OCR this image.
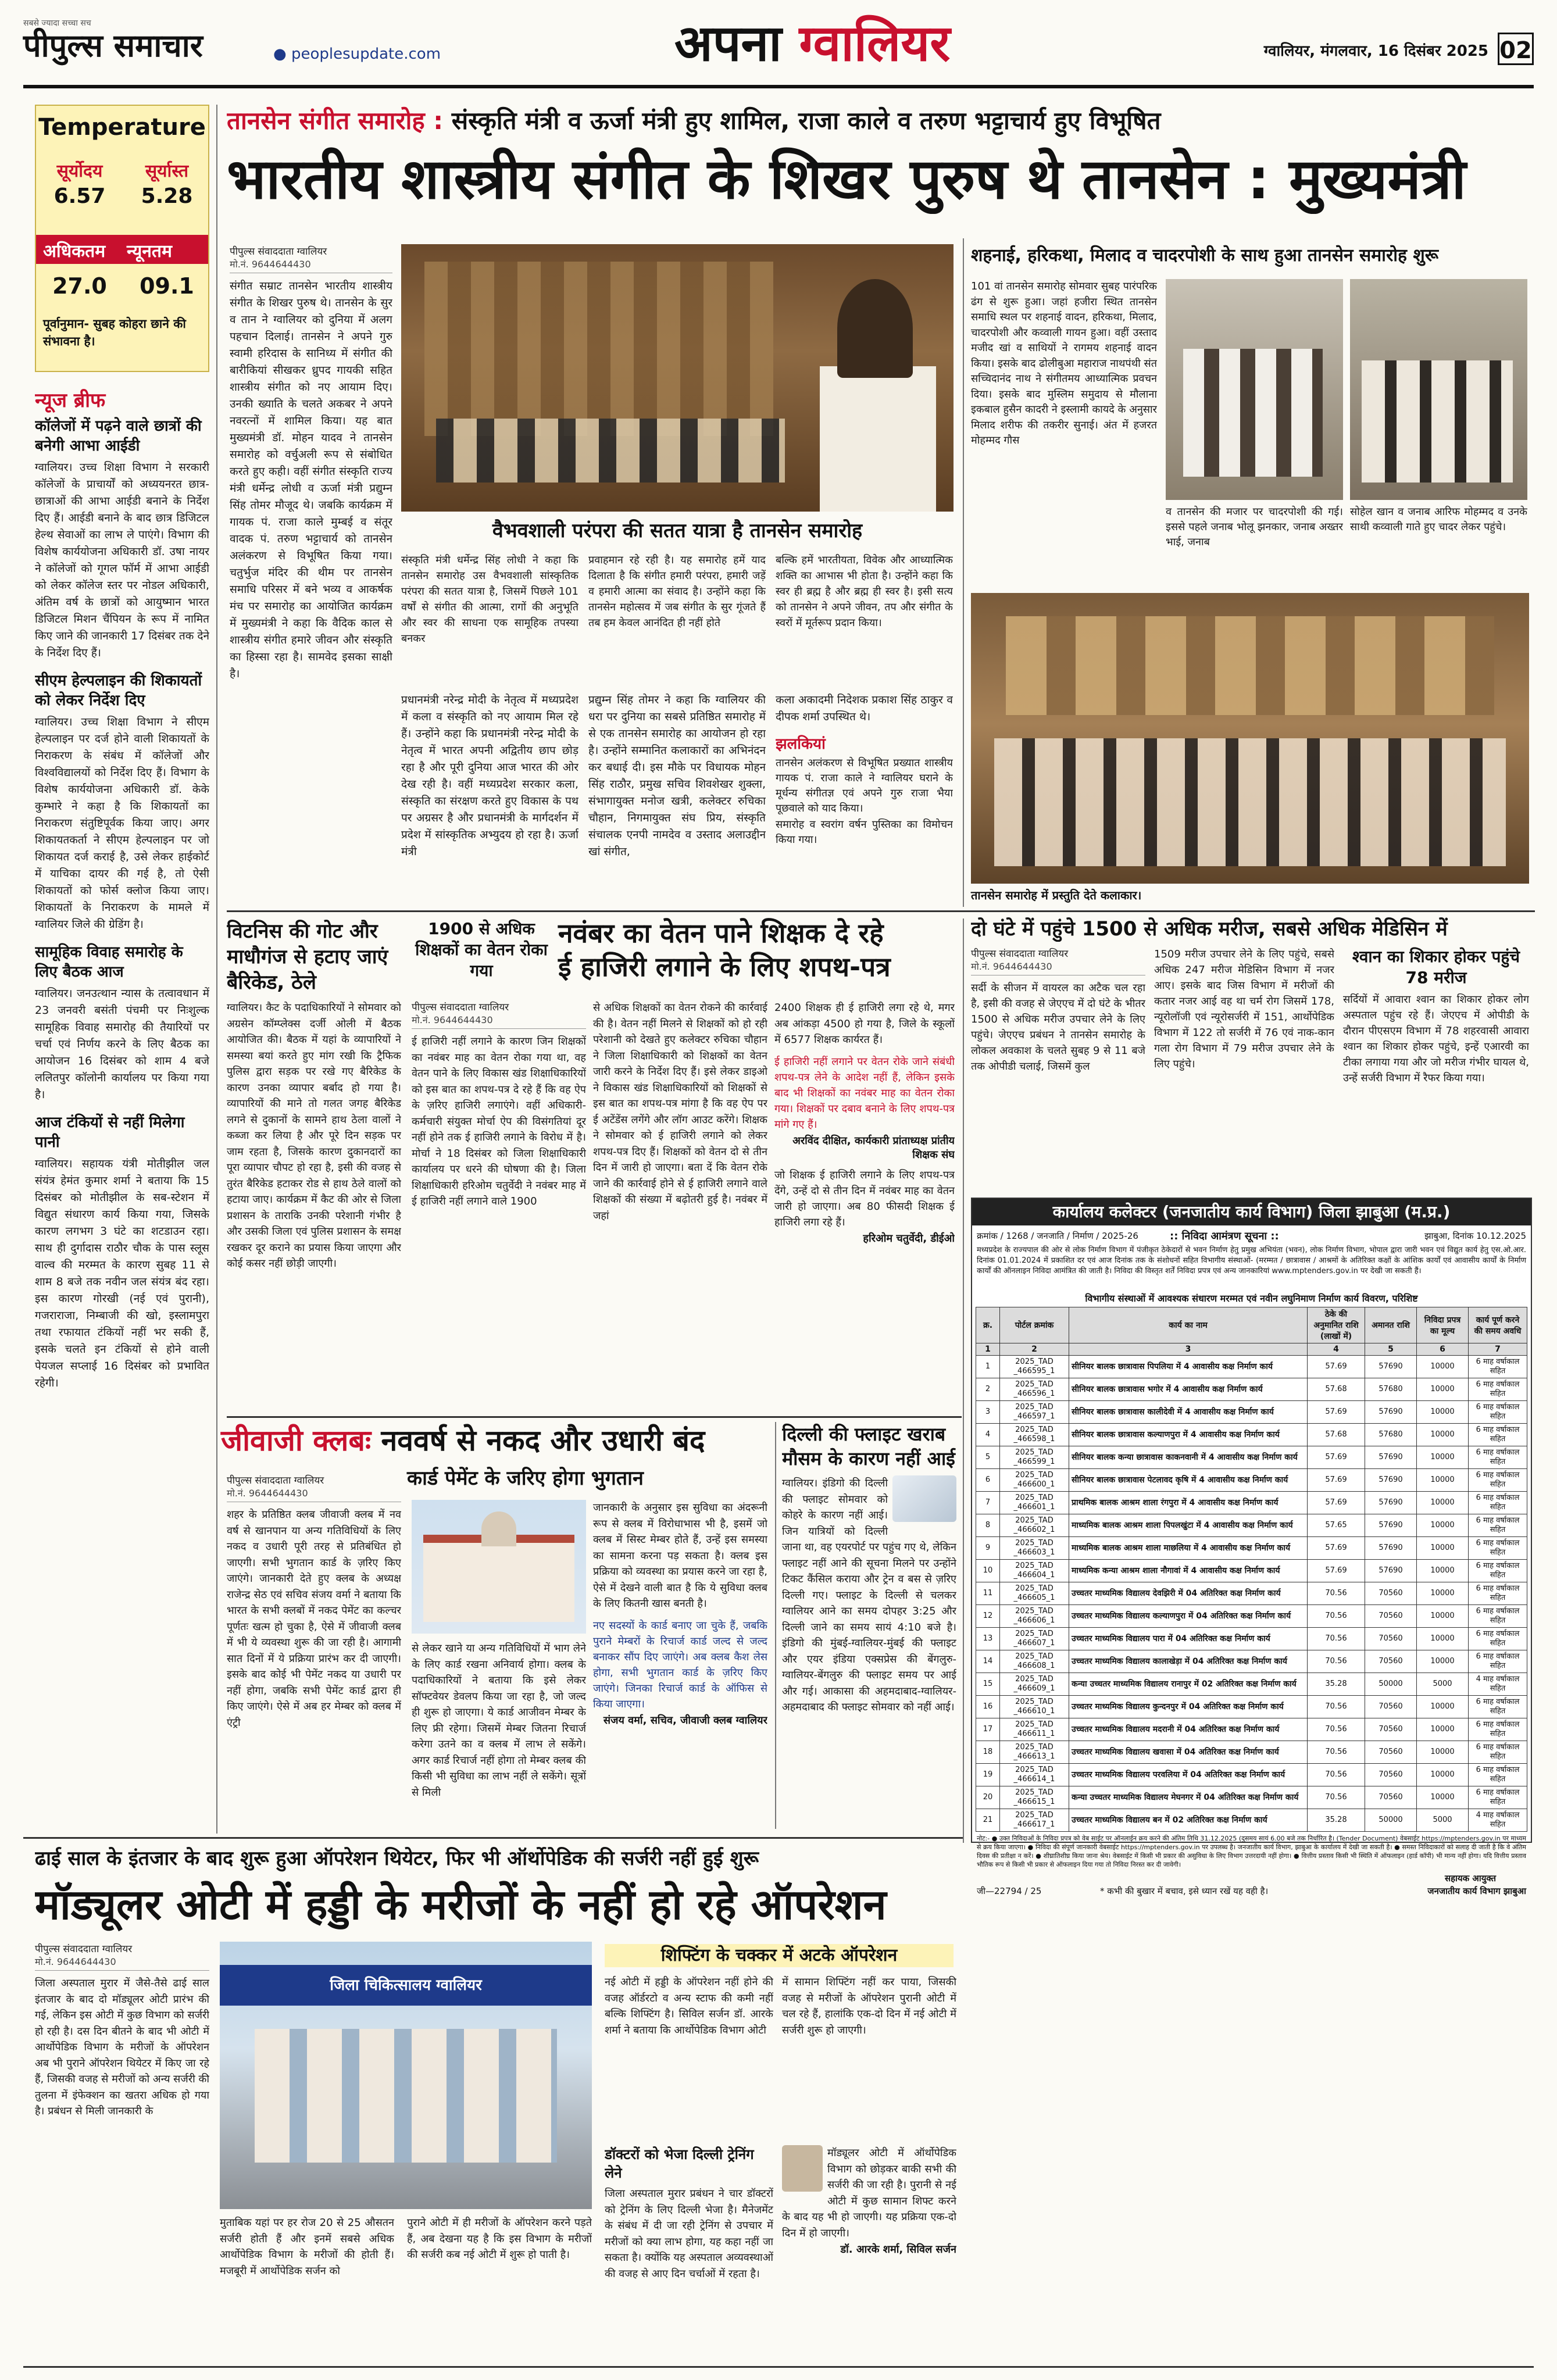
सबसे ज्यादा सच्चा सच
पीपुल्स समाचार	● peoplesupdate.com	अपना ग्वालियर	ग्वालियर, मंगलवार, 16 दिसंबर 2025 02
Temperature
सूर्योदय
6.57
सूर्यास्त
5.28
अधिकतम न्यूनतम
27.0	09.1
पूर्वानुमान- सुबह कोहरा छाने की संभावना है।
न्यूज ब्रीफ
कॉलेजों में पढ़ने वाले छात्रों की बनेगी आभा आईडी

ग्वालियर। उच्च शिक्षा विभाग ने सरकारी कॉलेजों के प्राचार्यों को अध्ययनरत छात्र-छात्राओं की आभा आईडी बनाने के निर्देश दिए हैं। आईडी बनाने के बाद छात्र डिजिटल हेल्थ सेवाओं का लाभ ले पाएंगे। विभाग की विशेष कार्ययोजना अधिकारी डॉ. उषा नायर ने कॉलेजों को गूगल फॉर्म में आभा आईडी को लेकर कॉलेज स्तर पर नोडल अधिकारी, अंतिम वर्ष के छात्रों को आयुष्मान भारत डिजिटल मिशन चैंपियन के रूप में नामित किए जाने की जानकारी 17 दिसंबर तक देने के निर्देश दिए हैं।

सीएम हेल्पलाइन की शिकायतों को लेकर निर्देश दिए

ग्वालियर। उच्च शिक्षा विभाग ने सीएम हेल्पलाइन पर दर्ज होने वाली शिकायतों के निराकरण के संबंध में कॉलेजों और विश्वविद्यालयों को निर्देश दिए हैं। विभाग के विशेष कार्ययोजना अधिकारी डॉ. केके कुम्भारे ने कहा है कि शिकायतों का निराकरण संतुष्टिपूर्वक किया जाए। अगर शिकायतकर्ता ने सीएम हेल्पलाइन पर जो शिकायत दर्ज कराई है, उसे लेकर हाईकोर्ट में याचिका दायर की गई है, तो ऐसी शिकायतों को फोर्स क्लोज किया जाए। शिकायतों के निराकरण के मामले में ग्वालियर जिले की ग्रेडिंग है।

सामूहिक विवाह समारोह के लिए बैठक आज

ग्वालियर। जनउत्थान न्यास के तत्वावधान में 23 जनवरी बसंती पंचमी पर निःशुल्क सामूहिक विवाह समारोह की तैयारियों पर चर्चा एवं निर्णय करने के लिए बैठक का आयोजन 16 दिसंबर को शाम 4 बजे ललितपुर कॉलोनी कार्यालय पर किया गया है।

आज टंकियों से नहीं मिलेगा पानी

ग्वालियर। सहायक यंत्री मोतीझील जल संयंत्र हेमंत कुमार शर्मा ने बताया कि 15 दिसंबर को मोतीझील के सब-स्टेशन में विद्युत संधारण कार्य किया गया, जिसके कारण लगभग 3 घंटे का शटडाउन रहा। साथ ही दुर्गादास राठौर चौक के पास स्लूस वाल्व की मरम्मत के कारण सुबह 11 से शाम 8 बजे तक नवीन जल संयंत्र बंद रहा। इस कारण गोरखी (नई एवं पुरानी), गजराराजा, निम्बाजी की खो, इस्लामपुरा तथा रफायात टंकियों नहीं भर सकी हैं, इसके चलते इन टंकियों से होने वाली पेयजल सप्लाई 16 दिसंबर को प्रभावित रहेगी।

तानसेन संगीत समारोह : संस्कृति मंत्री व ऊर्जा मंत्री हुए शामिल, राजा काले व तरुण भट्टाचार्य हुए विभूषित
भारतीय शास्त्रीय संगीत के शिखर पुरुष थे तानसेन : मुख्यमंत्री
पीपुल्स संवाददाता ग्वालियर
मो.नं. 9644644430

संगीत सम्राट तानसेन भारतीय शास्त्रीय संगीत के शिखर पुरुष थे। तानसेन के सुर व तान ने ग्वालियर को दुनिया में अलग पहचान दिलाई। तानसेन ने अपने गुरु स्वामी हरिदास के सानिध्य में संगीत की बारीकियां सीखकर ध्रुपद गायकी सहित शास्त्रीय संगीत को नए आयाम दिए। उनकी ख्याति के चलते अकबर ने अपने नवरत्नों में शामिल किया। यह बात मुख्यमंत्री डॉ. मोहन यादव ने तानसेन समारोह को वर्चुअली रूप से संबोधित करते हुए कही। वहीं संगीत संस्कृति राज्य मंत्री धर्मेन्द्र लोधी व ऊर्जा मंत्री प्रद्युम्न सिंह तोमर मौजूद थे। जबकि कार्यक्रम में गायक पं. राजा काले मुम्बई व संतूर वादक पं. तरुण भट्टाचार्य को तानसेन अलंकरण से विभूषित किया गया। चतुर्भुज मंदिर की थीम पर तानसेन समाधि परिसर में बने भव्य व आकर्षक मंच पर समारोह का आयोजित कार्यक्रम में मुख्यमंत्री ने कहा कि वैदिक काल से शास्त्रीय संगीत हमारे जीवन और संस्कृति का हिस्सा रहा है। सामवेद इसका साक्षी है।

वैभवशाली परंपरा की सतत यात्रा है तानसेन समारोह

संस्कृति मंत्री धर्मेन्द्र सिंह लोधी ने कहा कि तानसेन समारोह उस वैभवशाली सांस्कृतिक परंपरा की सतत यात्रा है, जिसमें पिछले 101 वर्षों से संगीत की आत्मा, रागों की अनुभूति और स्वर की साधना एक सामूहिक तपस्या बनकर

प्रवाहमान रहे रही है। यह समारोह हमें याद दिलाता है कि संगीत हमारी परंपरा, हमारी जड़ें व हमारी आत्मा का संवाद है। उन्होंने कहा कि तानसेन महोत्सव में जब संगीत के सुर गूंजते हैं तब हम केवल आनंदित ही नहीं होते

बल्कि हमें भारतीयता, विवेक और आध्यात्मिक शक्ति का आभास भी होता है। उन्होंने कहा कि स्वर ही ब्रह्म है और ब्रह्म ही स्वर है। इसी सत्य को तानसेन ने अपने जीवन, तप और संगीत के स्वरों में मूर्तरूप प्रदान किया।

प्रधानमंत्री नरेन्द्र मोदी के नेतृत्व में मध्यप्रदेश में कला व संस्कृति को नए आयाम मिल रहे हैं। उन्होंने कहा कि प्रधानमंत्री नरेन्द्र मोदी के नेतृत्व में भारत अपनी अद्वितीय छाप छोड़ रहा है और पूरी दुनिया आज भारत की ओर देख रही है। वहीं मध्यप्रदेश सरकार कला, संस्कृति का संरक्षण करते हुए विकास के पथ पर अग्रसर है और प्रधानमंत्री के मार्गदर्शन में प्रदेश में सांस्कृतिक अभ्युदय हो रहा है। ऊर्जा मंत्री

प्रद्युम्न सिंह तोमर ने कहा कि ग्वालियर की धरा पर दुनिया का सबसे प्रतिष्ठित समारोह में से एक तानसेन समारोह का आयोजन हो रहा है। उन्होंने सम्मानित कलाकारों का अभिनंदन कर बधाई दी। इस मौके पर विधायक मोहन सिंह राठौर, प्रमुख सचिव शिवशेखर शुक्ला, संभागायुक्त मनोज खत्री, कलेक्टर रुचिका चौहान, निगमायुक्त संघ प्रिय, संस्कृति संचालक एनपी नामदेव व उस्ताद अलाउद्दीन खां संगीत,

कला अकादमी निदेशक प्रकाश सिंह ठाकुर व दीपक शर्मा उपस्थित थे।

झलकियां

तानसेन अलंकरण से विभूषित प्रख्यात शास्त्रीय गायक पं. राजा काले ने ग्वालियर घराने के मूर्धन्य संगीतज्ञ एवं अपने गुरु राजा भैया पूछवाले को याद किया।

समारोह व स्वरांग वर्षन पुस्तिका का विमोचन किया गया।

शहनाई, हरिकथा, मिलाद व चादरपोशी के साथ हुआ तानसेन समारोह शुरू

101 वां तानसेन समारोह सोमवार सुबह पारंपरिक ढंग से शुरू हुआ। जहां हजीरा स्थित तानसेन समाधि स्थल पर शहनाई वादन, हरिकथा, मिलाद, चादरपोशी और कव्वाली गायन हुआ। वहीं उस्ताद मजीद खां व साथियों ने रागमय शहनाई वादन किया। इसके बाद ढोलीबुआ महाराज नाथपंथी संत सच्चिदानंद नाथ ने संगीतमय आध्यात्मिक प्रवचन दिया। इसके बाद मुस्लिम समुदाय से मौलाना इकबाल हुसैन कादरी ने इस्लामी कायदे के अनुसार मिलाद शरीफ की तकरीर सुनाई। अंत में हजरत मोहम्मद गौस

व तानसेन की मजार पर चादरपोशी की गई। इससे पहले जनाब भोलू झनकार, जनाब अख्तर भाई, जनाब

सोहेल खान व जनाब आरिफ मोहम्मद व उनके साथी कव्वाली गाते हुए चादर लेकर पहुंचे।

तानसेन समारोह में प्रस्तुति देते कलाकार।
विटनिस की गोट और माधौगंज से हटाए जाएं बैरिकेड, ठेले

ग्वालियर। कैट के पदाधिकारियों ने सोमवार को अग्रसेन कॉम्प्लेक्स दर्जी ओली में बैठक आयोजित की। बैठक में यहां के व्यापारियों ने समस्या बयां करते हुए मांग रखी कि ट्रैफिक पुलिस द्वारा सड़क पर रखे गए बैरिकेड के कारण उनका व्यापार बर्बाद हो गया है। व्यापारियों की माने तो गलत जगह बैरिकेड लगने से दुकानों के सामने हाथ ठेला वालों ने कब्जा कर लिया है और पूरे दिन सड़क पर जाम रहता है, जिसके कारण दुकानदारों का पूरा व्यापार चौपट हो रहा है, इसी की वजह से तुरंत बैरिकेड हटाकर रोड से हाथ ठेले वालों को हटाया जाए। कार्यक्रम में कैट की ओर से जिला प्रशासन के ताराकि उनकी परेशानी गंभीर है और उसकी जिला एवं पुलिस प्रशासन के समक्ष रखकर दूर कराने का प्रयास किया जाएगा और कोई कसर नहीं छोड़ी जाएगी।

1900 से अधिक शिक्षकों का वेतन रोका गया
नवंबर का वेतन पाने शिक्षक दे रहे
ई हाजिरी लगाने के लिए शपथ-पत्र
पीपुल्स संवाददाता ग्वालियर
मो.नं. 9644644430

ई हाजिरी नहीं लगाने के कारण जिन शिक्षकों का नवंबर माह का वेतन रोका गया था, वह वेतन पाने के लिए विकास खंड शिक्षाधिकारियों को इस बात का शपथ-पत्र दे रहे हैं कि वह ऐप के ज़रिए हाजिरी लगाएंगे। वहीं अधिकारी-कर्मचारी संयुक्त मोर्चा ऐप की विसंगतियां दूर नहीं होने तक ई हाजिरी लगाने के विरोध में है। मोर्चा ने 18 दिसंबर को जिला शिक्षाधिकारी कार्यालय पर धरने की घोषणा की है। जिला शिक्षाधिकारी हरिओम चतुर्वेदी ने नवंबर माह में ई हाजिरी नहीं लगाने वाले 1900

से अधिक शिक्षकों का वेतन रोकने की कार्रवाई की है। वेतन नहीं मिलने से शिक्षकों को हो रही परेशानी को देखते हुए कलेक्टर रुचिका चौहान ने जिला शिक्षाधिकारी को शिक्षकों का वेतन जारी करने के निर्देश दिए हैं। इसे लेकर डाइओ ने विकास खंड शिक्षाधिकारियों को शिक्षकों से इस बात का शपथ-पत्र मांगा है कि वह ऐप पर ई अटेंडेंस लगेंगे और लॉग आउट करेंगे। शिक्षक ने सोमवार को ई हाजिरी लगाने को लेकर शपथ-पत्र दिए हैं। शिक्षकों को वेतन दो से तीन दिन में जारी हो जाएगा। बता दें कि वेतन रोके जाने की कार्रवाई होने से ई हाजिरी लगाने वाले शिक्षकों की संख्या में बढ़ोतरी हुई है। नवंबर में जहां

2400 शिक्षक ही ई हाजिरी लगा रहे थे, मगर अब आंकड़ा 4500 हो गया है, जिले के स्कूलों में 6577 शिक्षक कार्यरत हैं।

ई हाजिरी नहीं लगाने पर वेतन रोके जाने संबंधी शपथ-पत्र लेने के आदेश नहीं हैं, लेकिन इसके बाद भी शिक्षकों का नवंबर माह का वेतन रोका गया। शिक्षकों पर दबाव बनाने के लिए शपथ-पत्र मांगे गए हैं।

अरविंद दीक्षित, कार्यकारी प्रांताध्यक्ष प्रांतीय शिक्षक संघ

जो शिक्षक ई हाजिरी लगाने के लिए शपथ-पत्र देंगे, उन्हें दो से तीन दिन में नवंबर माह का वेतन जारी हो जाएगा। अब 80 फीसदी शिक्षक ई हाजिरी लगा रहे हैं।

हरिओम चतुर्वेदी, डीईओ
दो घंटे में पहुंचे 1500 से अधिक मरीज, सबसे अधिक मेडिसिन में
पीपुल्स संवाददाता ग्वालियर
मो.नं. 9644644430

सर्दी के सीजन में वायरल का अटैक चल रहा है, इसी की वजह से जेएएच में दो घंटे के भीतर 1500 से अधिक मरीज उपचार लेने के लिए पहुंचे। जेएएच प्रबंधन ने तानसेन समारोह के लोकल अवकाश के चलते सुबह 9 से 11 बजे तक ओपीडी चलाई, जिसमें कुल

1509 मरीज उपचार लेने के लिए पहुंचे, सबसे अधिक 247 मरीज मेडिसिन विभाग में नजर आए। इसके बाद जिस विभाग में मरीजों की कतार नजर आई वह था चर्म रोग जिसमें 178, न्यूरोलॉजी एवं न्यूरोसर्जरी में 151, आर्थोपेडिक विभाग में 122 तो सर्जरी में 76 एवं नाक-कान गला रोग विभाग में 79 मरीज उपचार लेने के लिए पहुंचे।

श्वान का शिकार होकर पहुंचे 78 मरीज

सर्दियों में आवारा श्वान का शिकार होकर लोग अस्पताल पहुंच रहे हैं। जेएएच में ओपीडी के दौरान पीएसएम विभाग में 78 शहरवासी आवारा श्वान का शिकार होकर पहुंचे, इन्हें एआरवी का टीका लगाया गया और जो मरीज गंभीर घायल थे, उन्हें सर्जरी विभाग में रैफर किया गया।

कार्यालय कलेक्टर (जनजातीय कार्य विभाग) जिला झाबुआ (म.प्र.)
क्रमांक / 1268 / जनजाति / निर्माण / 2025-26	:: निविदा आमंत्रण सूचना ::	झाबुआ, दिनांक 10.12.2025
मध्यप्रदेश के राज्यपाल की ओर से लोक निर्माण विभाग में पंजीकृत ठेकेदारों से भवन निर्माण हेतु प्रमुख अभियंता (भवन), लोक निर्माण विभाग, भोपाल द्वारा जारी भवन एवं विद्युत कार्य हेतु एस.ओ.आर. दिनांक 01.01.2024 में प्रकाशित दर एवं आज दिनांक तक के संशोधनों सहित विभागीय संस्थाओं- (मरम्मत / छात्रावास / आश्रमों के अतिरिक्त कक्षों के आंशिक कार्यों एवं आवासीय कार्यों के निर्माण कार्यों की ऑनलाइन निविदा आमंत्रित की जाती है। निविदा की विस्तृत शर्तें निविदा प्रपत्र एवं अन्य जानकारियां www.mptenders.gov.in पर देखी जा सकती हैं।
विभागीय संस्थाओं में आवश्यक संधारण मरम्मत एवं नवीन लघुनिमाण निर्माण कार्य विवरण, परिशिष्ट
क्र.	पोर्टल क्रमांक	कार्य का नाम	ठेके की अनुमानित राशि (लाखों में)	अमानत राशि	निविदा प्रपत्र का मूल्य	कार्य पूर्ण करने की समय अवधि
1	2	3	4	5	6	7
1	2025_TAD _466595_1	सीनियर बालक छात्रावास पिपलिया में 4 आवासीय कक्ष निर्माण कार्य	57.69	57690	10000	6 माह वर्षाकाल सहित
2	2025_TAD _466596_1	सीनियर बालक छात्रावास भगोर में 4 आवासीय कक्ष निर्माण कार्य	57.68	57680	10000	6 माह वर्षाकाल सहित
3	2025_TAD _466597_1	सीनियर बालक छात्रावास कालीदेवी में 4 आवासीय कक्ष निर्माण कार्य	57.69	57690	10000	6 माह वर्षाकाल सहित
4	2025_TAD _466598_1	सीनियर बालक छात्रावास कल्याणपुरा में 4 आवासीय कक्ष निर्माण कार्य	57.68	57680	10000	6 माह वर्षाकाल सहित
5	2025_TAD _466599_1	सीनियर बालक कन्या छात्रावास काकनवानी में 4 आवासीय कक्ष निर्माण कार्य	57.69	57690	10000	6 माह वर्षाकाल सहित
6	2025_TAD _466600_1	सीनियर बालक छात्रावास पेटलावद कृषि में 4 आवासीय कक्ष निर्माण कार्य	57.69	57690	10000	6 माह वर्षाकाल सहित
7	2025_TAD _466601_1	प्राथमिक बालक आश्रम शाला रंगपुरा में 4 आवासीय कक्ष निर्माण कार्य	57.69	57690	10000	6 माह वर्षाकाल सहित
8	2025_TAD _466602_1	माध्यमिक बालक आश्रम शाला पिपलखुंटा में 4 आवासीय कक्ष निर्माण कार्य	57.65	57690	10000	6 माह वर्षाकाल सहित
9	2025_TAD _466603_1	माध्यमिक बालक आश्रम शाला माछलिया में 4 आवासीय कक्ष निर्माण कार्य	57.69	57690	10000	6 माह वर्षाकाल सहित
10	2025_TAD _466604_1	माध्यमिक कन्या आश्रम शाला नौगावां में 4 आवासीय कक्ष निर्माण कार्य	57.69	57690	10000	6 माह वर्षाकाल सहित
11	2025_TAD _466605_1	उच्चतर माध्यमिक विद्यालय देवझिरी में 04 अतिरिक्त कक्ष निर्माण कार्य	70.56	70560	10000	6 माह वर्षाकाल सहित
12	2025_TAD _466606_1	उच्चतर माध्यमिक विद्यालय कल्याणपुरा में 04 अतिरिक्त कक्ष निर्माण कार्य	70.56	70560	10000	6 माह वर्षाकाल सहित
13	2025_TAD _466607_1	उच्चतर माध्यमिक विद्यालय पारा में 04 अतिरिक्त कक्ष निर्माण कार्य	70.56	70560	10000	6 माह वर्षाकाल सहित
14	2025_TAD _466608_1	उच्चतर माध्यमिक विद्यालय कालाखेड़ा में 04 अतिरिक्त कक्ष निर्माण कार्य	70.56	70560	10000	6 माह वर्षाकाल सहित
15	2025_TAD _466609_1	कन्या उच्चतर माध्यमिक विद्यालय रानापुर में 02 अतिरिक्त कक्ष निर्माण कार्य	35.28	50000	5000	4 माह वर्षाकाल सहित
16	2025_TAD _466610_1	उच्चतर माध्यमिक विद्यालय कुन्दनपुर में 04 अतिरिक्त कक्ष निर्माण कार्य	70.56	70560	10000	6 माह वर्षाकाल सहित
17	2025_TAD _466611_1	उच्चतर माध्यमिक विद्यालय मदरानी में 04 अतिरिक्त कक्ष निर्माण कार्य	70.56	70560	10000	6 माह वर्षाकाल सहित
18	2025_TAD _466613_1	उच्चतर माध्यमिक विद्यालय खवासा में 04 अतिरिक्त कक्ष निर्माण कार्य	70.56	70560	10000	6 माह वर्षाकाल सहित
19	2025_TAD _466614_1	उच्चतर माध्यमिक विद्यालय परवलिया में 04 अतिरिक्त कक्ष निर्माण कार्य	70.56	70560	10000	6 माह वर्षाकाल सहित
20	2025_TAD _466615_1	कन्या उच्चतर माध्यमिक विद्यालय मेघनगर में 04 अतिरिक्त कक्ष निर्माण कार्य	70.56	70560	10000	6 माह वर्षाकाल सहित
21	2025_TAD _466617_1	उच्चतर माध्यमिक विद्यालय बन में 02 अतिरिक्त कक्ष निर्माण कार्य	35.28	50000	5000	4 माह वर्षाकाल सहित
नोट:- ● उक्त निविदाओं के निविदा प्रपत्र को वेब साईट पर ऑनलाईन क्रय करने की अंतिम तिथि 31.12.2025 (दुसमय सायं 6.00 बजे तक निर्धारित है। (Tender Document) वेबसाईट https://mptenders.gov.in पर माध्यम से क्रय किया जाएगा। ● निविदा की संपूर्ण जानकारी वेबसाईट https://mptenders.gov.in पर उपलब्ध है। जनजातीय कार्य विभाग, झाबुआ के कार्यालय में देखी जा सकती है। ● समस्त निविदाकारों को सलाह दी जाती है कि वे अंतिम दिवस की प्रतीक्षा न करें। ● शीघ्रातिशीघ्र किया जाना श्रेय। वेबसाईट में किसी भी प्रकार की असुविधा के लिए विभाग उत्तरदायी नहीं होगा। ● वित्तीय प्रस्ताव किसी भी स्थिति में ऑफलाइन (हार्ड कॉपी) भी मान्य नहीं होगा। यदि वित्तीय प्रस्ताव भौतिक रूप से किसी भी प्रकार से ऑफलाइन दिया गया तो निविदा निरस्त कर दी जावेगी।
जी—22794 / 25	* कभी की बुखार में बचाव, इसे ध्यान रखें यह वही है।
सहायक आयुक्त
जनजातीय कार्य विभाग झाबुआ
जीवाजी क्लबः नववर्ष से नकद और उधारी बंद
कार्ड पेमेंट के जरिए होगा भुगतान
पीपुल्स संवाददाता ग्वालियर
मो.नं. 9644644430

शहर के प्रतिष्ठित क्लब जीवाजी क्लब में नव वर्ष से खानपान या अन्य गतिविधियों के लिए नकद व उधारी पूरी तरह से प्रतिबंधित हो जाएगी। सभी भुगतान कार्ड के ज़रिए किए जाएंगे। जानकारी देते हुए क्लब के अध्यक्ष राजेन्द्र सेठ एवं सचिव संजय वर्मा ने बताया कि भारत के सभी क्लबों में नकद पेमेंट का कल्चर पूर्णतः खत्म हो चुका है, ऐसे में जीवाजी क्लब में भी ये व्यवस्था शुरू की जा रही है। आगामी सात दिनों में ये प्रक्रिया प्रारंभ कर दी जाएगी। इसके बाद कोई भी पेमेंट नकद या उधारी पर नहीं होगा, जबकि सभी पेमेंट कार्ड द्वारा ही किए जाएंगे। ऐसे में अब हर मेम्बर को क्लब में एंट्री

से लेकर खाने या अन्य गतिविधियों में भाग लेने के लिए कार्ड रखना अनिवार्य होगा। क्लब के पदाधिकारियों ने बताया कि इसे लेकर सॉफ्टवेयर डेवलप किया जा रहा है, जो जल्द ही शुरू हो जाएगा। ये कार्ड आजीवन मेम्बर के लिए फ्री रहेगा। जिसमें मेम्बर जितना रिचार्ज करेगा उतने का व क्लब में लाभ ले सकेंगे। अगर कार्ड रिचार्ज नहीं होगा तो मेम्बर क्लब की किसी भी सुविधा का लाभ नहीं ले सकेंगे। सूत्रों से मिली

जानकारी के अनुसार इस सुविधा का अंदरूनी रूप से क्लब में विरोधाभास भी है, इसमें जो क्लब में सिस्ट मेम्बर होते हैं, उन्हें इस समस्या का सामना करना पड़ सकता है। क्लब इस प्रक्रिया को व्यवस्था का प्रयास करने जा रहा है, ऐसे में देखने वाली बात है कि ये सुविधा क्लब के लिए कितनी खास बनती है।

नए सदस्यों के कार्ड बनाए जा चुके हैं, जबकि पुराने मेम्बरों के रिचार्ज कार्ड जल्द से जल्द बनाकर सौंप दिए जाएंगे। अब क्लब कैश लेस होगा, सभी भुगतान कार्ड के ज़रिए किए जाएंगे। जिनका रिचार्ज कार्ड के ऑफिस से किया जाएगा।

संजय वर्मा, सचिव, जीवाजी क्लब ग्वालियर
दिल्ली की फ्लाइट खराब मौसम के कारण नहीं आई

ग्वालियर। इंडिगो की दिल्ली की फ्लाइट सोमवार को कोहरे के कारण नहीं आई। जिन यात्रियों को दिल्ली जाना था, वह एयरपोर्ट पर पहुंच गए थे, लेकिन फ्लाइट नहीं आने की सूचना मिलने पर उन्होंने टिकट कैंसिल कराया और ट्रेन व बस से ज़रिए दिल्ली गए। फ्लाइट के दिल्ली से चलकर ग्वालियर आने का समय दोपहर 3:25 और दिल्ली जाने का समय सायं 4:10 बजे है। इंडिगो की मुंबई-ग्वालियर-मुंबई की फ्लाइट और एयर इंडिया एक्सप्रेस की बेंगलुरु-ग्वालियर-बेंगलुरु की फ्लाइट समय पर आई और गई। आकासा की अहमदाबाद-ग्वालियर-अहमदाबाद की फ्लाइट सोमवार को नहीं आई।

ढाई साल के इंतजार के बाद शुरू हुआ ऑपरेशन थियेटर, फिर भी ऑर्थोपेडिक की सर्जरी नहीं हुई शुरू
मॉड्यूलर ओटी में हड्डी के मरीजों के नहीं हो रहे ऑपरेशन
पीपुल्स संवाददाता ग्वालियर
मो.नं. 9644644430

जिला अस्पताल मुरार में जैसे-तैसे ढाई साल इंतजार के बाद दो मॉड्यूलर ओटी प्रारंभ की गई, लेकिन इस ओटी में कुछ विभाग को सर्जरी हो रही है। दस दिन बीतने के बाद भी ओटी में आर्थोपेडिक विभाग के मरीजों के ऑपरेशन अब भी पुराने ऑपरेशन थियेटर में किए जा रहे हैं, जिसकी वजह से मरीजों को अन्य सर्जरी की तुलना में इंफेक्शन का खतरा अधिक हो गया है। प्रबंधन से मिली जानकारी के

जिला चिकित्सालय ग्वालियर

मुताबिक यहां पर हर रोज 20 से 25 औसतन सर्जरी होती हैं और इनमें सबसे अधिक आर्थोपेडिक विभाग के मरीजों की होती हैं। मजबूरी में आर्थोपेडिक सर्जन को

पुराने ओटी में ही मरीजों के ऑपरेशन करने पड़ते हैं, अब देखना यह है कि इस विभाग के मरीजों की सर्जरी कब नई ओटी में शुरू हो पाती है।

शिफ्टिंग के चक्कर में अटके ऑपरेशन

नई ओटी में हड्डी के ऑपरेशन नहीं होने की वजह ऑर्डरटो व अन्य स्टाफ की कमी नहीं बल्कि शिफ्टिंग है। सिविल सर्जन डॉ. आरके शर्मा ने बताया कि आर्थोपेडिक विभाग ओटी

में सामान शिफ्टिंग नहीं कर पाया, जिसकी वजह से मरीजों के ऑपरेशन पुरानी ओटी में चल रहे हैं, हालांकि एक-दो दिन में नई ओटी में सर्जरी शुरू हो जाएगी।

डॉक्टरों को भेजा दिल्ली ट्रेनिंग लेने

जिला अस्पताल मुरार प्रबंधन ने चार डॉक्टरों को ट्रेनिंग के लिए दिल्ली भेजा है। मैनेजमेंट के संबंध में दी जा रही ट्रेनिंग से उपचार में मरीजों को क्या लाभ होगा, यह कहा नहीं जा सकता है। क्योंकि यह अस्पताल अव्यवस्थाओं की वजह से आए दिन चर्चाओं में रहता है।

मॉड्यूलर ओटी में ऑर्थोपेडिक विभाग को छोड़कर बाकी सभी की सर्जरी की जा रही है। पुरानी से नई ओटी में कुछ सामान शिफ्ट करने के बाद यह भी हो जाएगी। यह प्रक्रिया एक-दो दिन में हो जाएगी।

डॉ. आरके शर्मा, सिविल सर्जन
